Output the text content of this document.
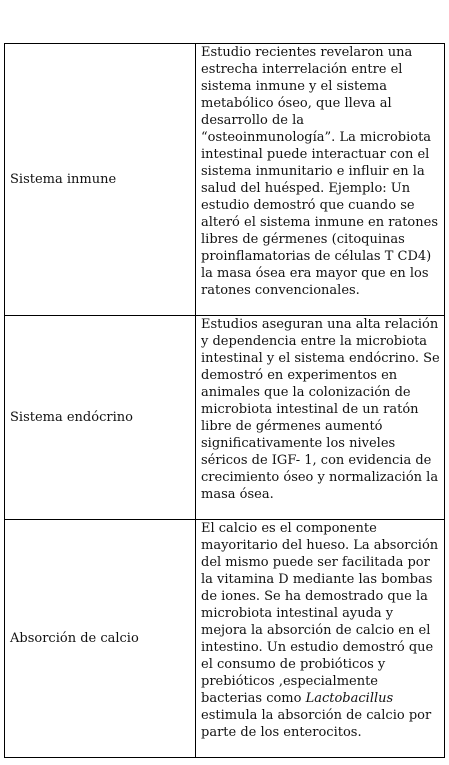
Sistema inmune	Estudio recientes revelaron una estrecha interrelación entre el sistema inmune y el sistema metabólico óseo, que lleva al desarrollo de la “osteoinmunología”. La microbiota intestinal puede interactuar con el sistema inmunitario e influir en la salud del huésped. Ejemplo: Un estudio demostró que cuando se alteró el sistema inmune en ratones libres de gérmenes (citoquinas proinflamatorias de células T CD4) la masa ósea era mayor que en los ratones convencionales.
Sistema endócrino	Estudios aseguran una alta relación y dependencia entre la microbiota intestinal y el sistema endócrino. Se demostró en experimentos en animales que la colonización de microbiota intestinal de un ratón libre de gérmenes aumentó significativamente los niveles séricos de IGF- 1, con evidencia de crecimiento óseo y normalización la masa ósea.
Absorción de calcio	El calcio es el componente mayoritario del hueso. La absorción del mismo puede ser facilitada por la vitamina D mediante las bombas de iones. Se ha demostrado que la microbiota intestinal ayuda y mejora la absorción de calcio en el intestino. Un estudio demostró que el consumo de probióticos y prebióticos ,especialmente bacterias como Lactobacillus estimula la absorción de calcio por parte de los enterocitos.
